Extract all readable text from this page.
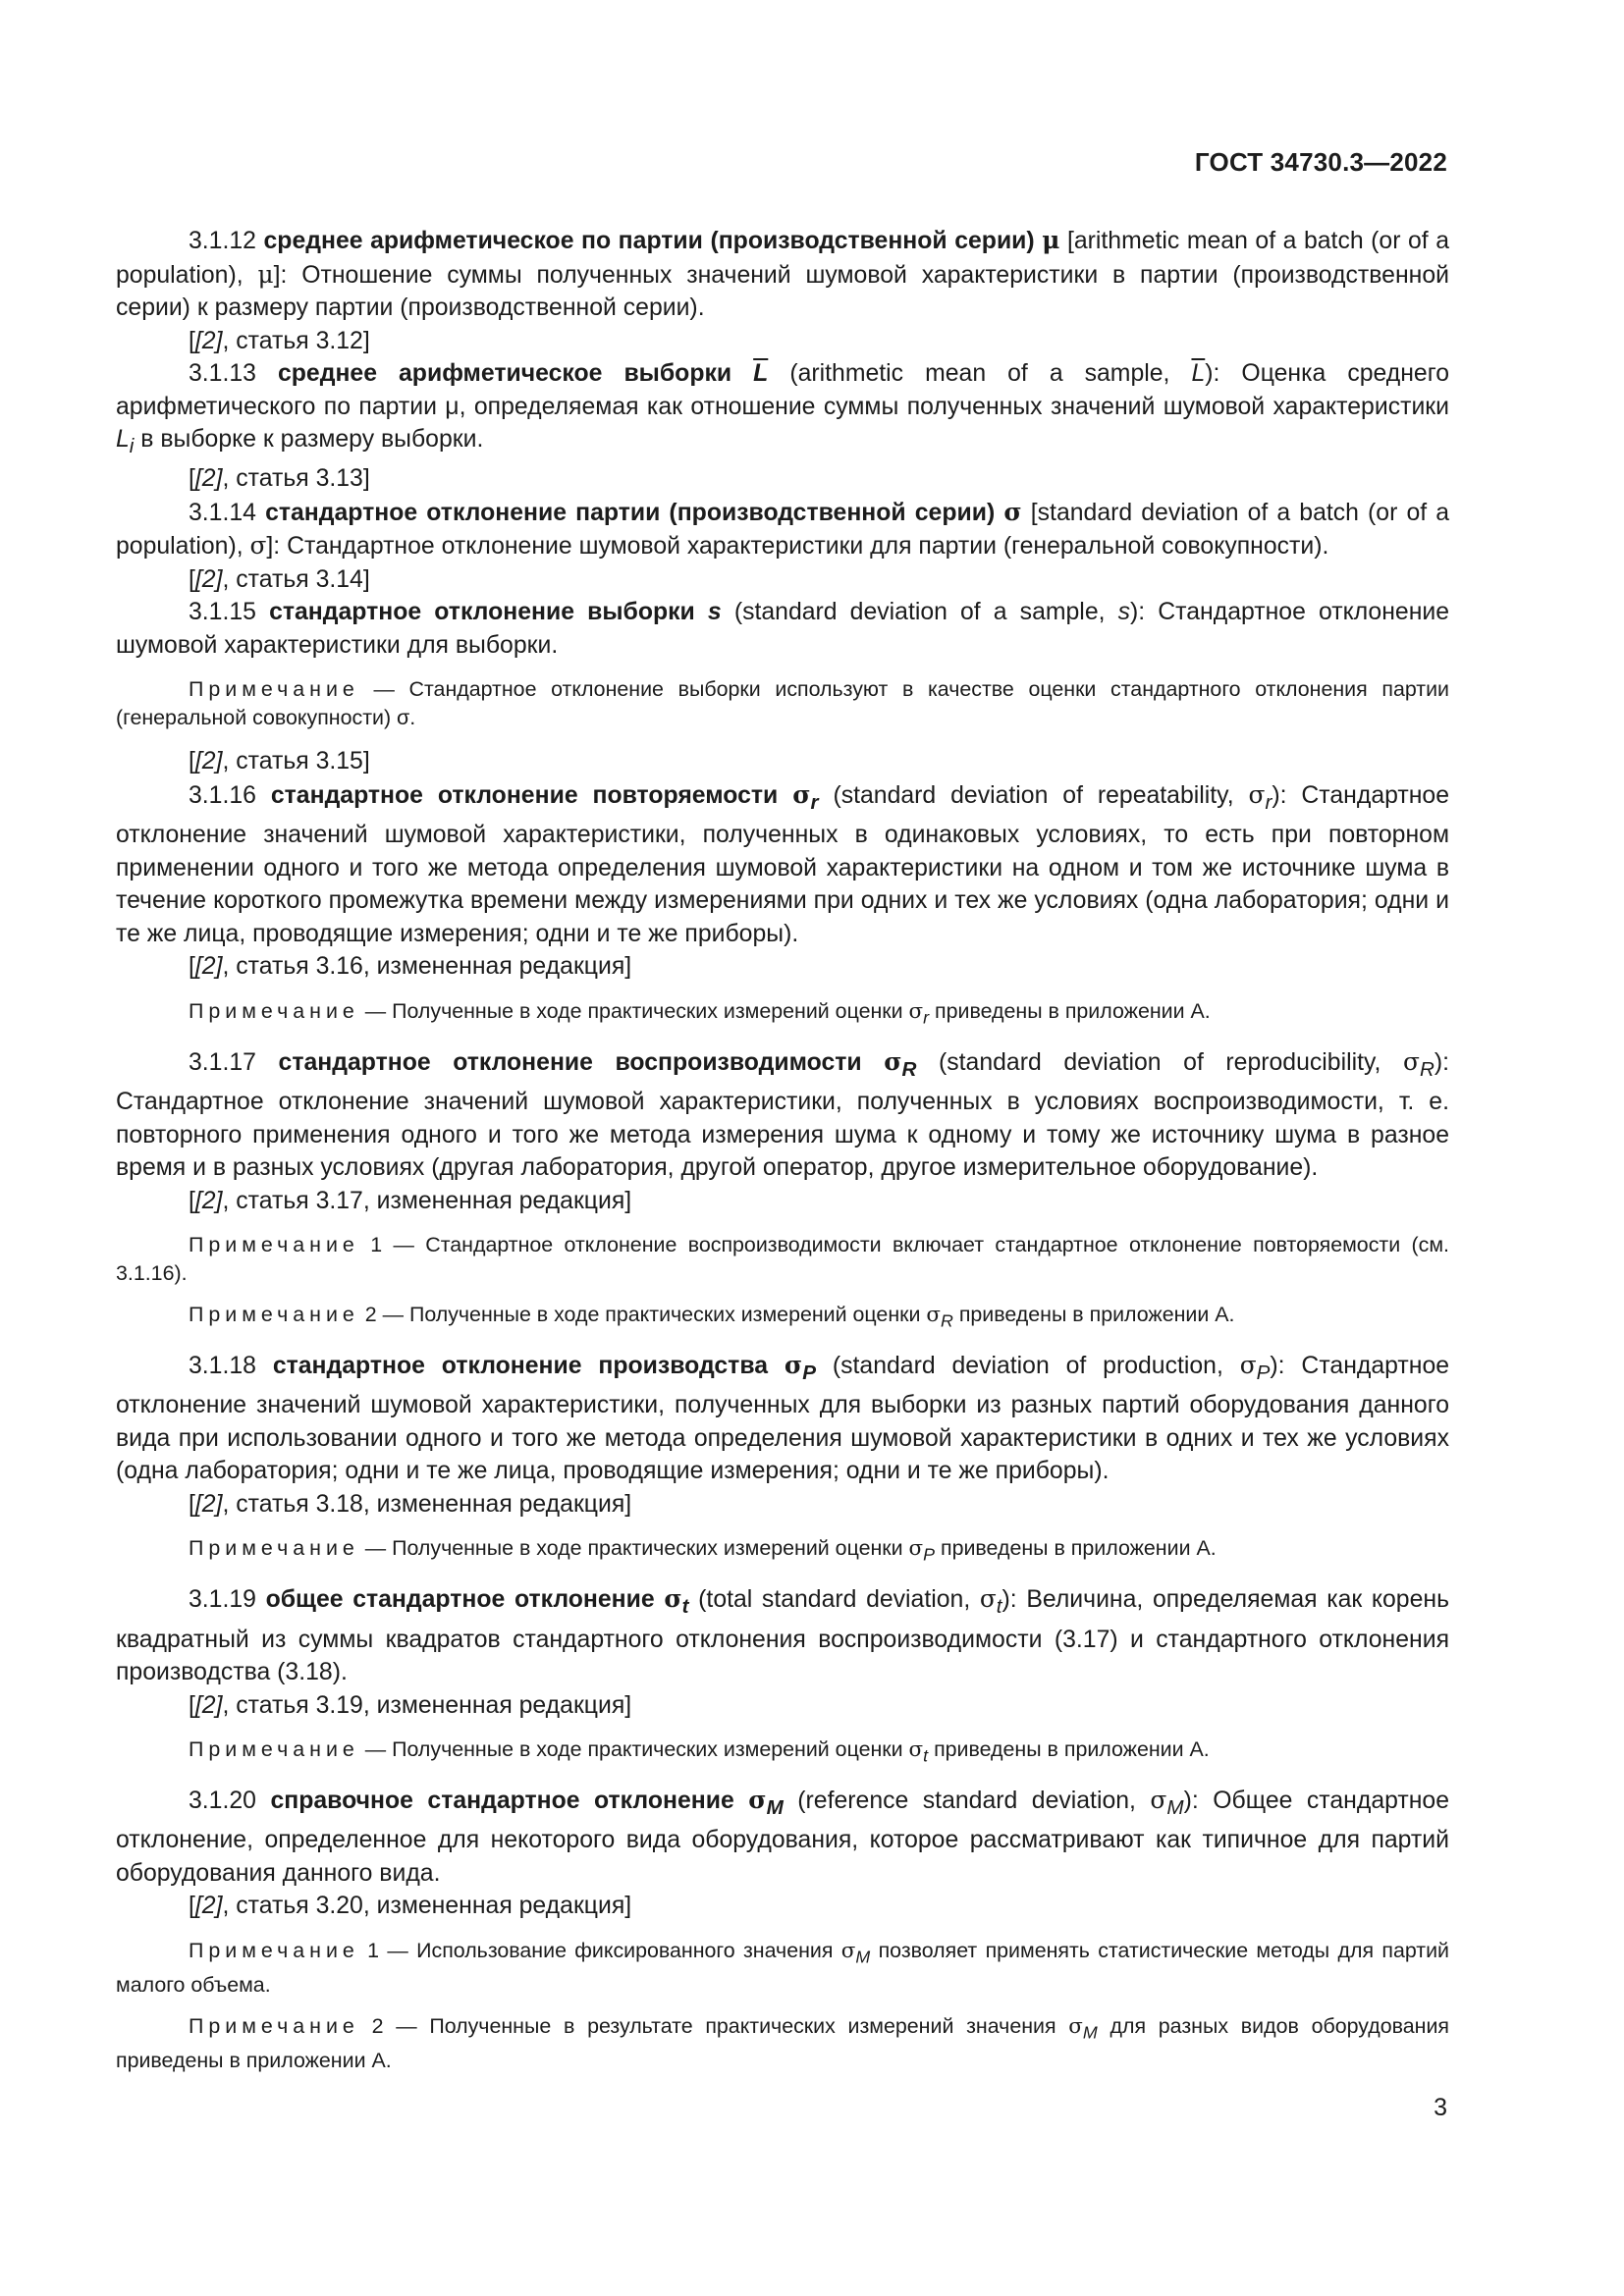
ГОСТ 34730.3—2022

3.1.12 среднее арифметическое по партии (производственной серии) μ [arithmetic mean of a batch (or of a population), μ]: Отношение суммы полученных значений шумовой характеристики в партии (производственной серии) к размеру партии (производственной серии).

[[2], статья 3.12]

3.1.13 среднее арифметическое выборки $\overline{L}$ (arithmetic mean of a sample, $\overline{L}$): Оценка среднего арифметического по партии μ, определяемая как отношение суммы полученных значений шумовой характеристики $L_i$ в выборке к размеру выборки.

[[2], статья 3.13]

3.1.14 стандартное отклонение партии (производственной серии) σ [standard deviation of a batch (or of a population), σ]: Стандартное отклонение шумовой характеристики для партии (генеральной совокупности).

[[2], статья 3.14]

3.1.15 стандартное отклонение выборки s (standard deviation of a sample, s): Стандартное отклонение шумовой характеристики для выборки.

Примечание — Стандартное отклонение выборки используют в качестве оценки стандартного отклонения партии (генеральной совокупности) σ.

[[2], статья 3.15]

3.1.16 стандартное отклонение повторяемости $\sigma_r$ (standard deviation of repeatability, $\sigma_r$): Стандартное отклонение значений шумовой характеристики, полученных в одинаковых условиях, то есть при повторном применении одного и того же метода определения шумовой характеристики на одном и том же источнике шума в течение короткого промежутка времени между измерениями при одних и тех же условиях (одна лаборатория; одни и те же лица, проводящие измерения; одни и те же приборы).

[[2], статья 3.16, измененная редакция]

Примечание — Полученные в ходе практических измерений оценки $\sigma_r$ приведены в приложении А.

3.1.17 стандартное отклонение воспроизводимости $\sigma_R$ (standard deviation of reproducibility, $\sigma_R$): Стандартное отклонение значений шумовой характеристики, полученных в условиях воспроизводимости, т. е. повторного применения одного и того же метода измерения шума к одному и тому же источнику шума в разное время и в разных условиях (другая лаборатория, другой оператор, другое измерительное оборудование).

[[2], статья 3.17, измененная редакция]

Примечание 1 — Стандартное отклонение воспроизводимости включает стандартное отклонение повторяемости (см. 3.1.16).

Примечание 2 — Полученные в ходе практических измерений оценки $\sigma_R$ приведены в приложении А.

3.1.18 стандартное отклонение производства $\sigma_P$ (standard deviation of production, $\sigma_P$): Стандартное отклонение значений шумовой характеристики, полученных для выборки из разных партий оборудования данного вида при использовании одного и того же метода определения шумовой характеристики в одних и тех же условиях (одна лаборатория; одни и те же лица, проводящие измерения; одни и те же приборы).

[[2], статья 3.18, измененная редакция]

Примечание — Полученные в ходе практических измерений оценки $\sigma_P$ приведены в приложении А.

3.1.19 общее стандартное отклонение $\sigma_t$ (total standard deviation, $\sigma_t$): Величина, определяемая как корень квадратный из суммы квадратов стандартного отклонения воспроизводимости (3.17) и стандартного отклонения производства (3.18).

[[2], статья 3.19, измененная редакция]

Примечание — Полученные в ходе практических измерений оценки $\sigma_t$ приведены в приложении А.

3.1.20 справочное стандартное отклонение $\sigma_M$ (reference standard deviation, $\sigma_M$): Общее стандартное отклонение, определенное для некоторого вида оборудования, которое рассматривают как типичное для партий оборудования данного вида.

[[2], статья 3.20, измененная редакция]

Примечание 1 — Использование фиксированного значения $\sigma_M$ позволяет применять статистические методы для партий малого объема.

Примечание 2 — Полученные в результате практических измерений значения $\sigma_M$ для разных видов оборудования приведены в приложении А.

3
